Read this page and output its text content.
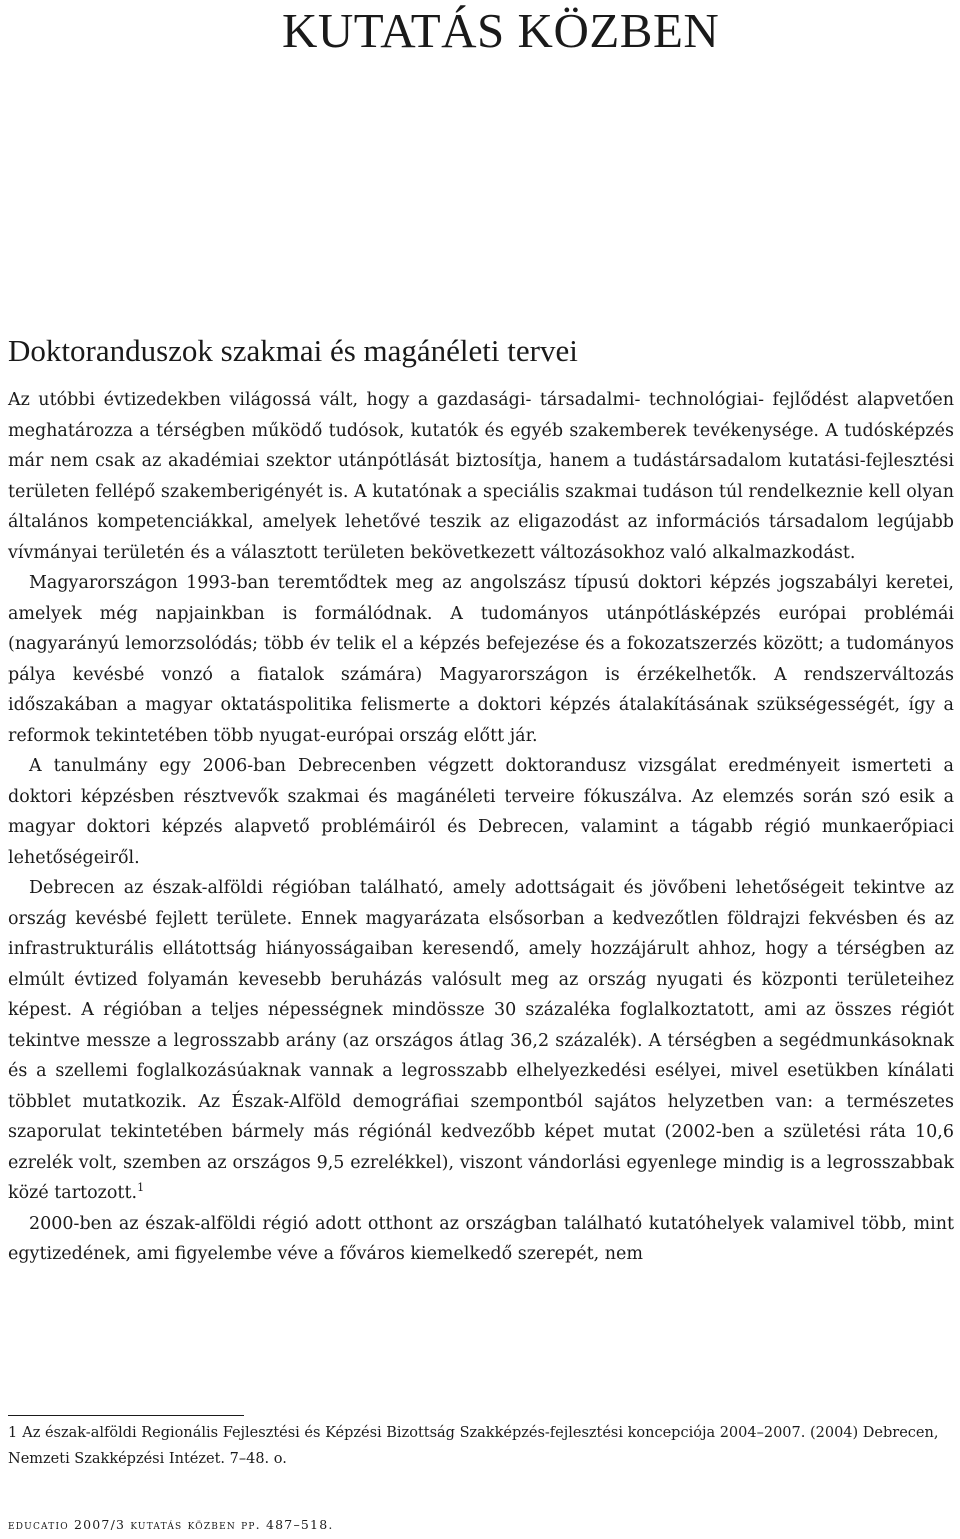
KUTATÁS KÖZBEN
Doktoranduszok szakmai és magánéleti tervei

Az utóbbi évtizedekben világossá vált, hogy a gazdasági- társadalmi- technológiai- fejlődést alapvetően meghatározza a térségben működő tudósok, kutatók és egyéb szakemberek tevékenysége. A tudósképzés már nem csak az akadémiai szektor utánpótlását biztosítja, hanem a tudástársadalom kutatási-fejlesztési területen fellépő szakemberigényét is. A kutatónak a speciális szakmai tudáson túl rendelkeznie kell olyan általános kompetenciákkal, amelyek lehetővé teszik az eligazodást az információs társadalom legújabb vívmányai területén és a választott területen bekövetkezett változásokhoz való alkalmazkodást.

Magyarországon 1993-ban teremtődtek meg az angolszász típusú doktori képzés jogszabályi keretei, amelyek még napjainkban is formálódnak. A tudományos utánpótlásképzés európai problémái (nagyarányú lemorzsolódás; több év telik el a képzés befejezése és a fokozatszerzés között; a tudományos pálya kevésbé vonzó a fiatalok számára) Magyarországon is érzékelhetők. A rendszerváltozás időszakában a magyar oktatáspolitika felismerte a doktori képzés átalakításának szükségességét, így a reformok tekintetében több nyugat-európai ország előtt jár.

A tanulmány egy 2006-ban Debrecenben végzett doktorandusz vizsgálat eredményeit ismerteti a doktori képzésben résztvevők szakmai és magánéleti terveire fókuszálva. Az elemzés során szó esik a magyar doktori képzés alapvető problémáiról és Debrecen, valamint a tágabb régió munkaerőpiaci lehetőségeiről.

Debrecen az észak-alföldi régióban található, amely adottságait és jövőbeni lehetőségeit tekintve az ország kevésbé fejlett területe. Ennek magyarázata elsősorban a kedvezőtlen földrajzi fekvésben és az infrastrukturális ellátottság hiányosságaiban keresendő, amely hozzájárult ahhoz, hogy a térségben az elmúlt évtized folyamán kevesebb beruházás valósult meg az ország nyugati és központi területeihez képest. A régióban a teljes népességnek mindössze 30 százaléka foglalkoztatott, ami az összes régiót tekintve messze a legrosszabb arány (az országos átlag 36,2 százalék). A térségben a segédmunkásoknak és a szellemi foglalkozásúaknak vannak a legrosszabb elhelyezkedési esélyei, mivel esetükben kínálati többlet mutatkozik. Az Észak-Alföld demográfiai szempontból sajátos helyzetben van: a természetes szaporulat tekintetében bármely más régiónál kedvezőbb képet mutat (2002-ben a születési ráta 10,6 ezrelék volt, szemben az országos 9,5 ezrelékkel), viszont vándorlási egyenlege mindig is a legrosszabbak közé tartozott.$^1$

2000-ben az észak-alföldi régió adott otthont az országban található kutatóhelyek valamivel több, mint egytizedének, ami figyelembe véve a főváros kiemelkedő szerepét, nem

1 Az észak-alföldi Regionális Fejlesztési és Képzési Bizottság Szakképzés-fejlesztési koncepciója 2004–2007. (2004) Debrecen, Nemzeti Szakképzési Intézet. 7–48. o.
educatio 2007/3 kutatás közben pp. 487–518.
